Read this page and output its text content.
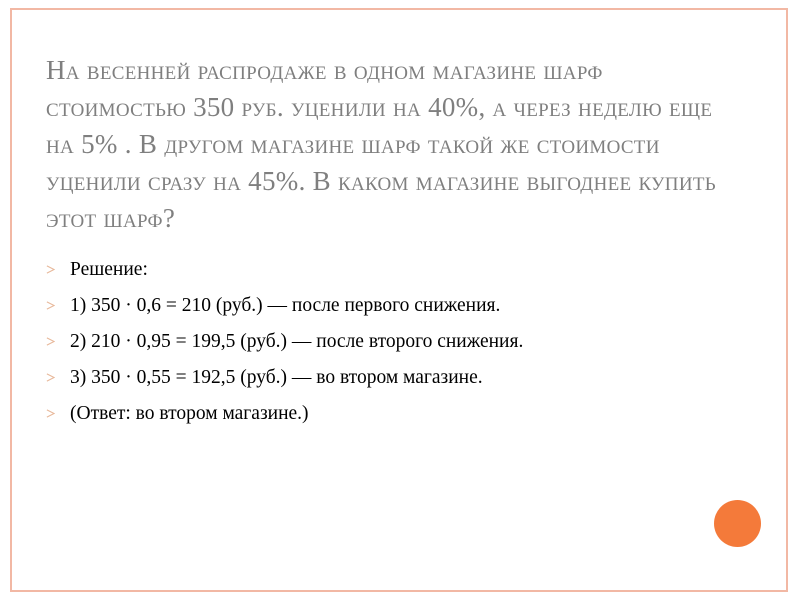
На весенней распродаже в одном магазине шарф стоимостью 350 руб. уценили на 40%, а через неделю еще на 5% . В другом магазине шарф такой же стоимости уценили сразу на 45%. В каком магазине выгоднее купить этот шарф?
Решение:
1) 350 · 0,6 = 210 (руб.) — после первого снижения.
2) 210 · 0,95 = 199,5 (руб.) — после второго снижения.
3) 350 · 0,55 = 192,5 (руб.) — во втором магазине.
(Ответ: во втором магазине.)
